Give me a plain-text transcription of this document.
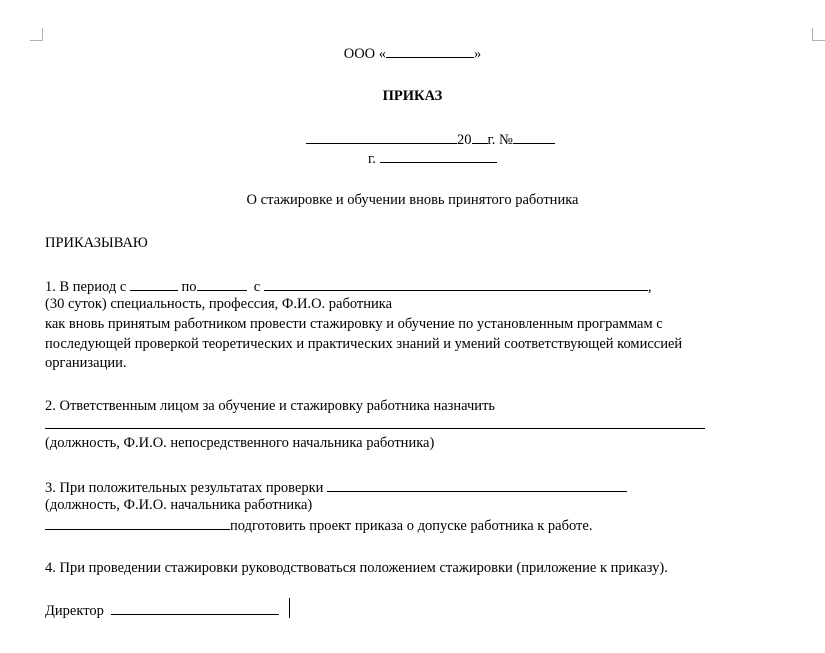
ООО «	»
ПРИКАЗ
20 г. №
г.
О стажировке и обучении вновь принятого работника
ПРИКАЗЫВАЮ
1. В период с	по	с	,
(30 суток) специальность, профессия, Ф.И.О. работника
как вновь принятым работником провести стажировку и обучение по установленным программам с
последующей проверкой теоретических и практических знаний и умений соответствующей комиссией
организации.
2. Ответственным лицом за обучение и стажировку работника назначить
(должность, Ф.И.О. непосредственного начальника работника)
3. При положительных результатах проверки
(должность, Ф.И.О. начальника работника)
подготовить проект приказа о допуске работника к работе.
4. При проведении стажировки руководствоваться положением стажировки (приложение к приказу).
Директор
